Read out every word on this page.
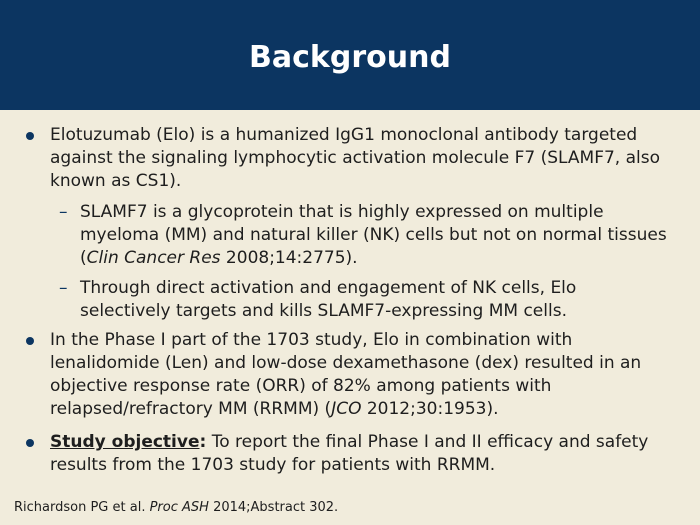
Background

Elotuzumab (Elo) is a humanized IgG1 monoclonal antibody targeted against the signaling lymphocytic activation molecule F7 (SLAMF7, also known as CS1).

– SLAMF7 is a glycoprotein that is highly expressed on multiple myeloma (MM) and natural killer (NK) cells but not on normal tissues (Clin Cancer Res 2008;14:2775).

– Through direct activation and engagement of NK cells, Elo selectively targets and kills SLAMF7-expressing MM cells.

In the Phase I part of the 1703 study, Elo in combination with lenalidomide (Len) and low-dose dexamethasone (dex) resulted in an objective response rate (ORR) of 82% among patients with relapsed/refractory MM (RRMM) (JCO 2012;30:1953).

Study objective: To report the final Phase I and II efficacy and safety results from the 1703 study for patients with RRMM.

Richardson PG et al. Proc ASH 2014;Abstract 302.
